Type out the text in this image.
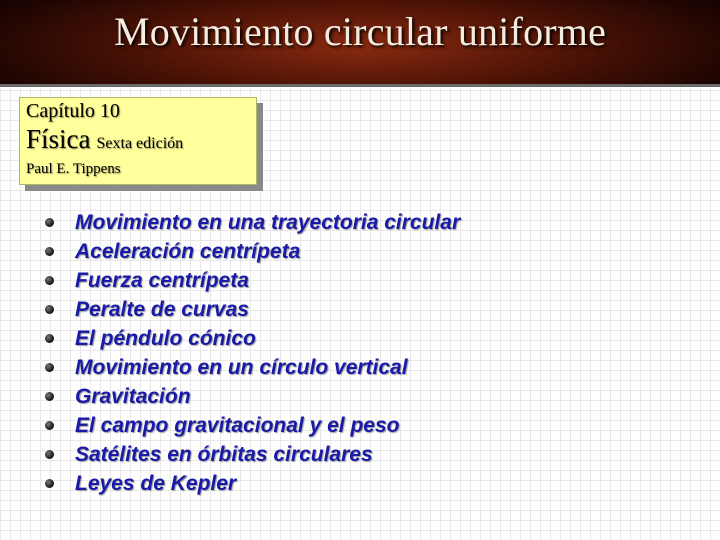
Movimiento circular uniforme
Capítulo 10
Física Sexta edición
Paul E. Tippens
Movimiento en una trayectoria circular
Aceleración centrípeta
Fuerza centrípeta
Peralte de curvas
El péndulo cónico
Movimiento en un círculo vertical
Gravitación
El campo gravitacional y el peso
Satélites en órbitas circulares
Leyes de Kepler
